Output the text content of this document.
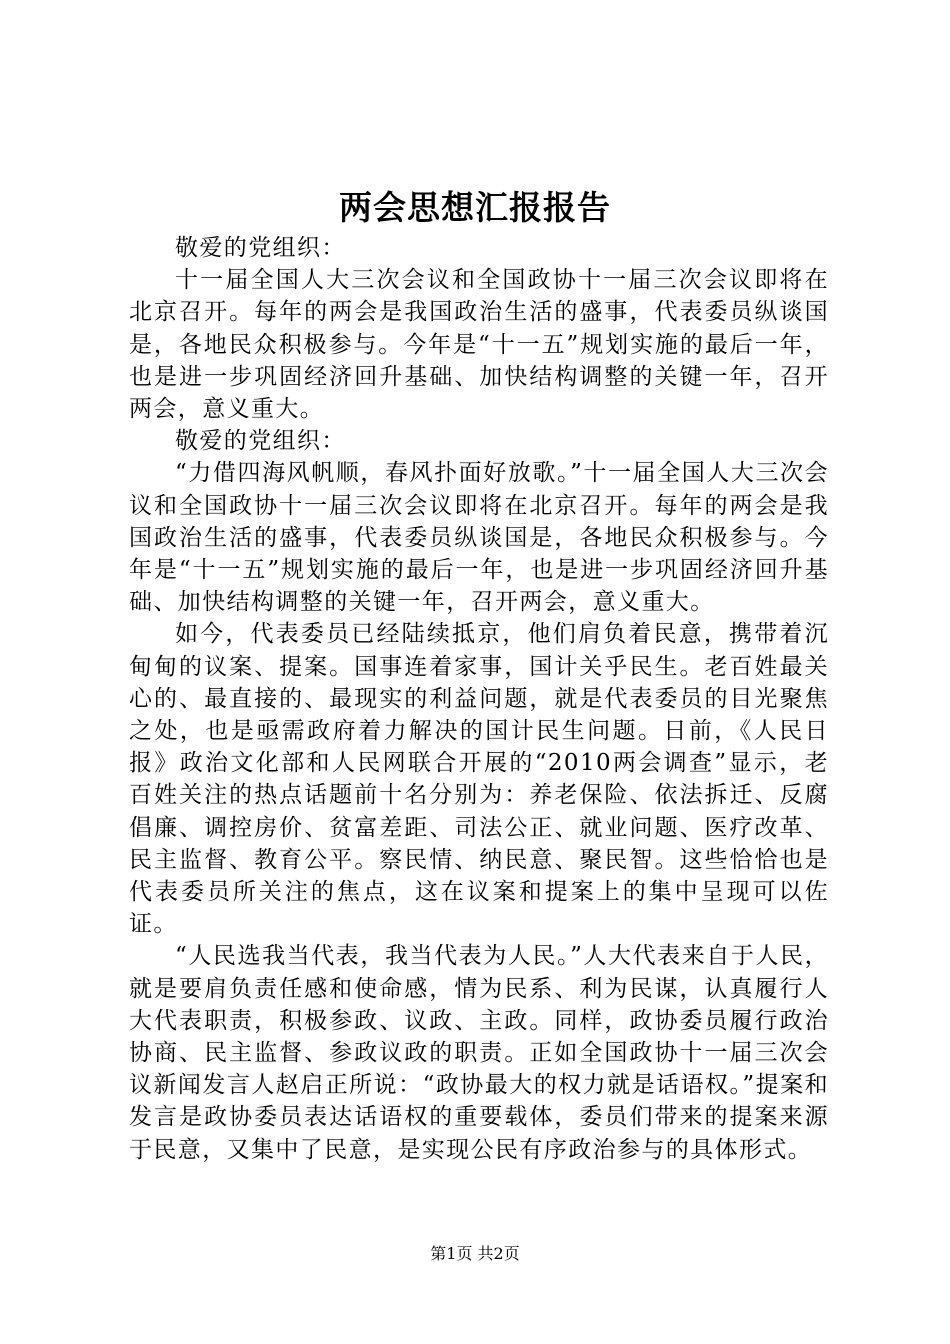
两会思想汇报报告

敬爱的党组织：

十一届全国人大三次会议和全国政协十一届三次会议即将在北京召开。每年的两会是我国政治生活的盛事，代表委员纵谈国是，各地民众积极参与。今年是“十一五”规划实施的最后一年，也是进一步巩固经济回升基础、加快结构调整的关键一年，召开两会，意义重大。

敬爱的党组织：

“力借四海风帆顺，春风扑面好放歌。”十一届全国人大三次会议和全国政协十一届三次会议即将在北京召开。每年的两会是我国政治生活的盛事，代表委员纵谈国是，各地民众积极参与。今年是“十一五”规划实施的最后一年，也是进一步巩固经济回升基础、加快结构调整的关键一年，召开两会，意义重大。

如今，代表委员已经陆续抵京，他们肩负着民意，携带着沉甸甸的议案、提案。国事连着家事，国计关乎民生。老百姓最关心的、最直接的、最现实的利益问题，就是代表委员的目光聚焦之处，也是亟需政府着力解决的国计民生问题。日前，《人民日报》政治文化部和人民网联合开展的“2010两会调查”显示，老百姓关注的热点话题前十名分别为：养老保险、依法拆迁、反腐倡廉、调控房价、贫富差距、司法公正、就业问题、医疗改革、民主监督、教育公平。察民情、纳民意、聚民智。这些恰恰也是代表委员所关注的焦点，这在议案和提案上的集中呈现可以佐证。

“人民选我当代表，我当代表为人民。”人大代表来自于人民，就是要肩负责任感和使命感，情为民系、利为民谋，认真履行人大代表职责，积极参政、议政、主政。同样，政协委员履行政治协商、民主监督、参政议政的职责。正如全国政协十一届三次会议新闻发言人赵启正所说：“政协最大的权力就是话语权。”提案和发言是政协委员表达话语权的重要载体，委员们带来的提案来源于民意，又集中了民意，是实现公民有序政治参与的具体形式。

第1页 共2页
